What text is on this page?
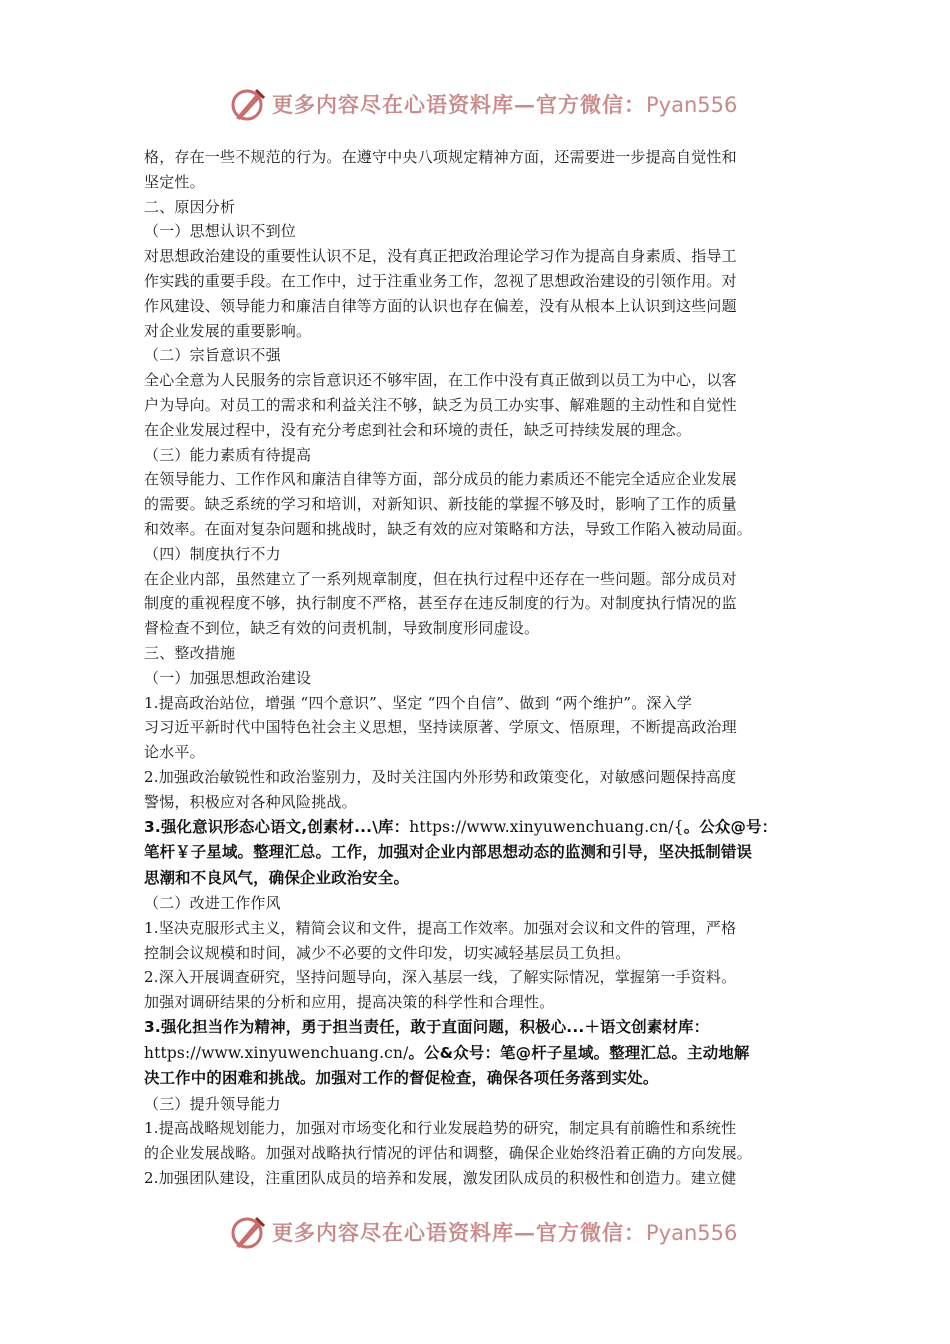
更多内容尽在心语资料库—官方微信：Pyan556
格，存在一些不规范的行为。在遵守中央八项规定精神方面，还需要进一步提高自觉性和
坚定性。
二、原因分析
（一）思想认识不到位
对思想政治建设的重要性认识不足，没有真正把政治理论学习作为提高自身素质、指导工
作实践的重要手段。在工作中，过于注重业务工作，忽视了思想政治建设的引领作用。对
作风建设、领导能力和廉洁自律等方面的认识也存在偏差，没有从根本上认识到这些问题
对企业发展的重要影响。
（二）宗旨意识不强
全心全意为人民服务的宗旨意识还不够牢固，在工作中没有真正做到以员工为中心，以客
户为导向。对员工的需求和利益关注不够，缺乏为员工办实事、解难题的主动性和自觉性
在企业发展过程中，没有充分考虑到社会和环境的责任，缺乏可持续发展的理念。
（三）能力素质有待提高
在领导能力、工作作风和廉洁自律等方面，部分成员的能力素质还不能完全适应企业发展
的需要。缺乏系统的学习和培训，对新知识、新技能的掌握不够及时，影响了工作的质量
和效率。在面对复杂问题和挑战时，缺乏有效的应对策略和方法，导致工作陷入被动局面。
（四）制度执行不力
在企业内部，虽然建立了一系列规章制度，但在执行过程中还存在一些问题。部分成员对
制度的重视程度不够，执行制度不严格，甚至存在违反制度的行为。对制度执行情况的监
督检查不到位，缺乏有效的问责机制，导致制度形同虚设。
三、整改措施
（一）加强思想政治建设
1.提高政治站位，增强 “四个意识”、坚定 “四个自信”、做到 “两个维护”。深入学
习习近平新时代中国特色社会主义思想，坚持读原著、学原文、悟原理，不断提高政治理
论水平。
2.加强政治敏锐性和政治鉴别力，及时关注国内外形势和政策变化，对敏感问题保持高度
警惕，积极应对各种风险挑战。
3.强化意识形态心语文,创素材...\库：https://www.xinyuwenchuang.cn/{。公众@号：
笔杆￥子星域。整理汇总。工作，加强对企业内部思想动态的监测和引导，坚决抵制错误
思潮和不良风气，确保企业政治安全。
（二）改进工作作风
1.坚决克服形式主义，精简会议和文件，提高工作效率。加强对会议和文件的管理，严格
控制会议规模和时间，减少不必要的文件印发，切实减轻基层员工负担。
2.深入开展调查研究，坚持问题导向，深入基层一线，了解实际情况，掌握第一手资料。
加强对调研结果的分析和应用，提高决策的科学性和合理性。
3.强化担当作为精神，勇于担当责任，敢于直面问题，积极心...＋语文创素材库：
https://www.xinyuwenchuang.cn/。公&众号：笔@杆子星域。整理汇总。主动地解
决工作中的困难和挑战。加强对工作的督促检查，确保各项任务落到实处。
（三）提升领导能力
1.提高战略规划能力，加强对市场变化和行业发展趋势的研究，制定具有前瞻性和系统性
的企业发展战略。加强对战略执行情况的评估和调整，确保企业始终沿着正确的方向发展。
2.加强团队建设，注重团队成员的培养和发展，激发团队成员的积极性和创造力。建立健
更多内容尽在心语资料库—官方微信：Pyan556
